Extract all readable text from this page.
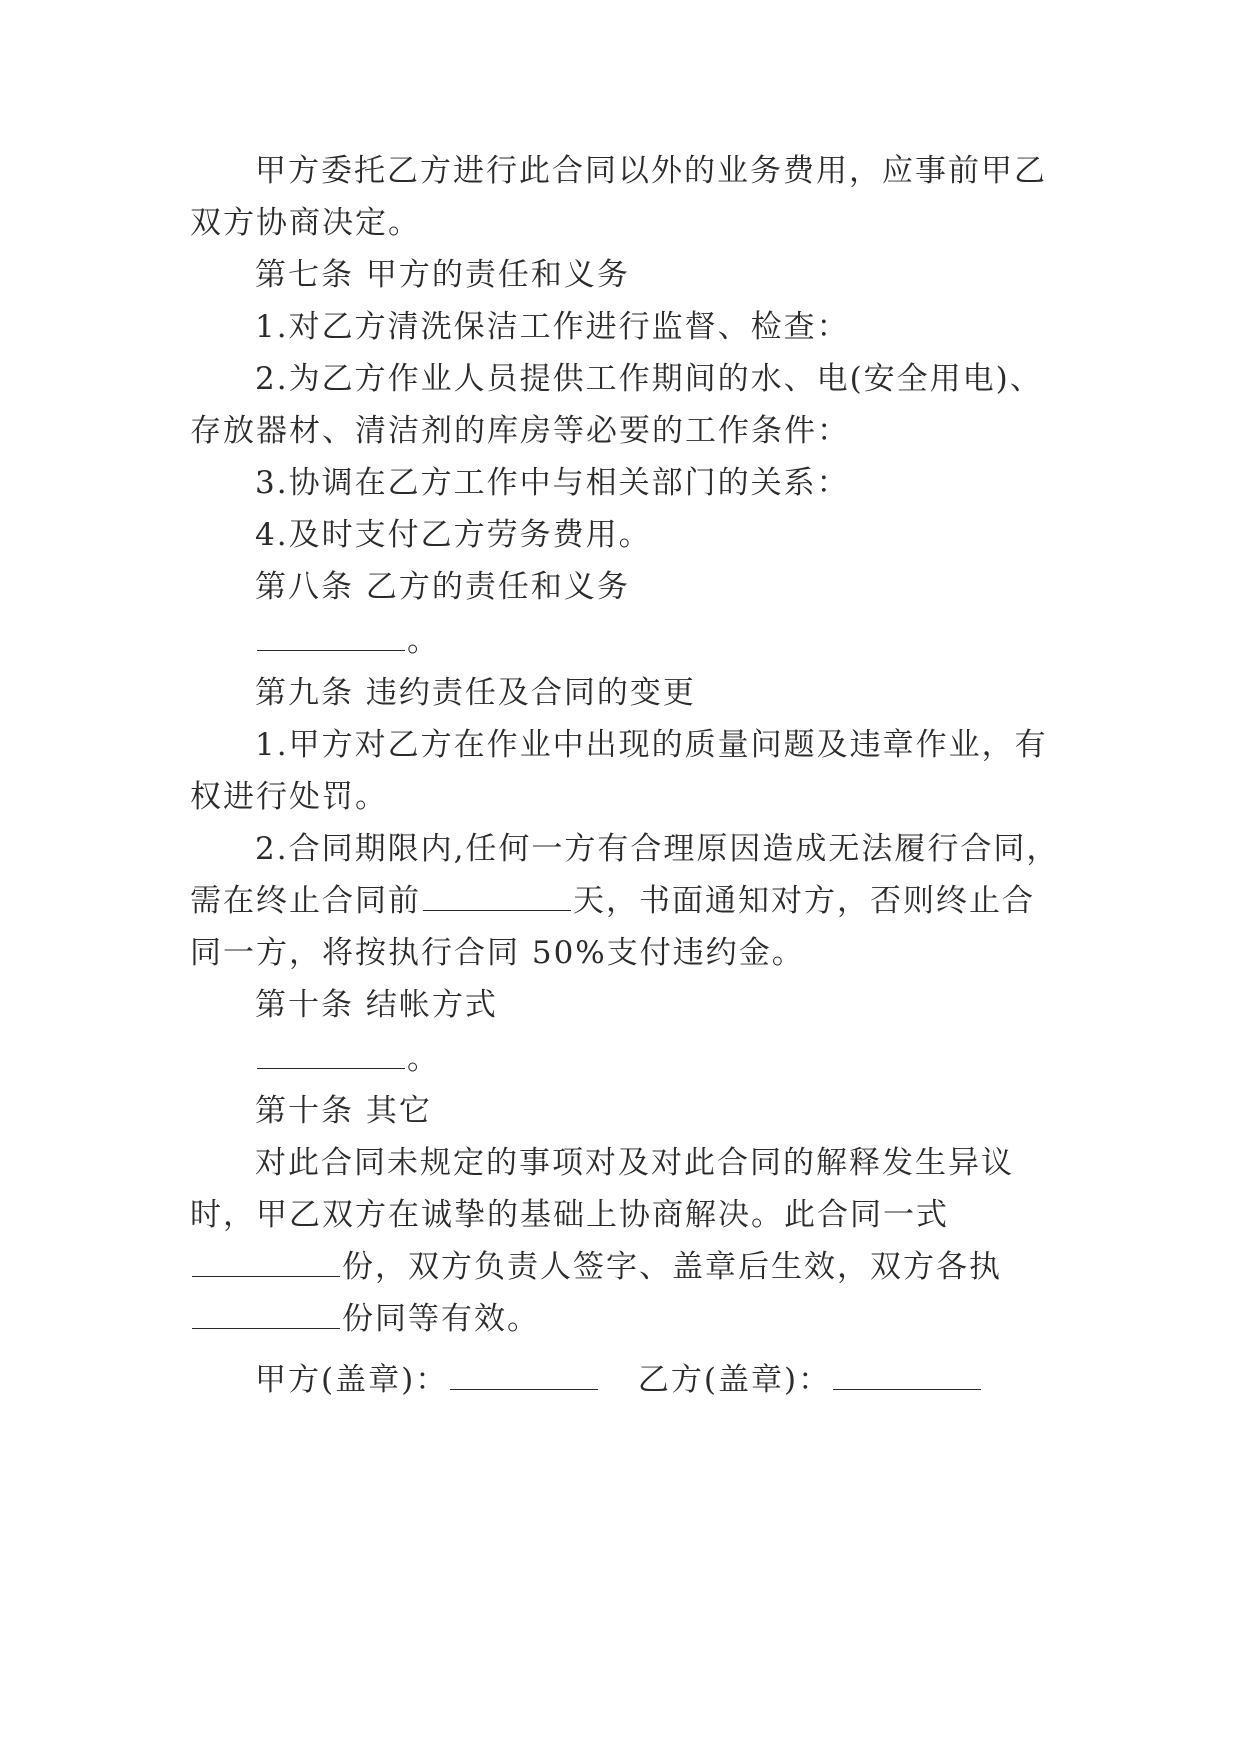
甲方委托乙方进行此合同以外的业务费用，应事前甲乙
双方协商决定。
第七条 甲方的责任和义务
1.对乙方清洗保洁工作进行监督、检查：
2.为乙方作业人员提供工作期间的水、电(安全用电)、
存放器材、清洁剂的库房等必要的工作条件：
3.协调在乙方工作中与相关部门的关系：
4.及时支付乙方劳务费用。
第八条 乙方的责任和义务
。
第九条 违约责任及合同的变更
1.甲方对乙方在作业中出现的质量问题及违章作业，有
权进行处罚。
2.合同期限内,任何一方有合理原因造成无法履行合同，
需在终止合同前	天，书面通知对方，否则终止合
同一方，将按执行合同 50%支付违约金。
第十条 结帐方式
。
第十条 其它
对此合同未规定的事项对及对此合同的解释发生异议
时，甲乙双方在诚挚的基础上协商解决。此合同一式
份，双方负责人签字、盖章后生效，双方各执
份同等有效。
甲方(盖章)：	乙方(盖章)：
